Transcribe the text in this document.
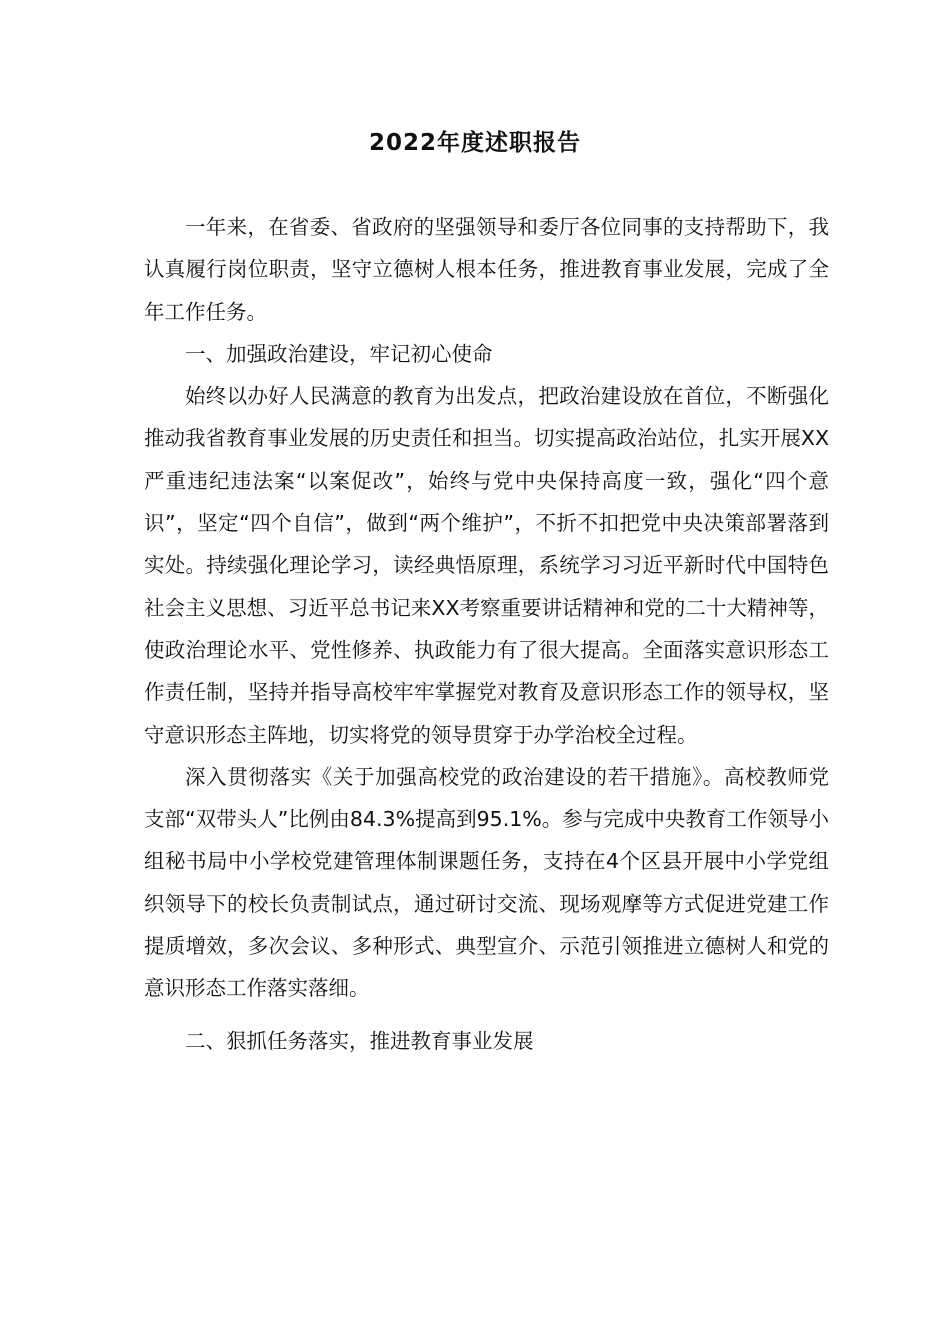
2022年度述职报告

一年来，在省委、省政府的坚强领导和委厅各位同事的支持帮助下，我认真履行岗位职责，坚守立德树人根本任务，推进教育事业发展，完成了全年工作任务。

一、加强政治建设，牢记初心使命

始终以办好人民满意的教育为出发点，把政治建设放在首位，不断强化推动我省教育事业发展的历史责任和担当。切实提高政治站位，扎实开展XX严重违纪违法案“以案促改”，始终与党中央保持高度一致，强化“四个意识”，坚定“四个自信”，做到“两个维护”，不折不扣把党中央决策部署落到实处。持续强化理论学习，读经典悟原理，系统学习习近平新时代中国特色社会主义思想、习近平总书记来XX考察重要讲话精神和党的二十大精神等，使政治理论水平、党性修养、执政能力有了很大提高。全面落实意识形态工作责任制，坚持并指导高校牢牢掌握党对教育及意识形态工作的领导权，坚守意识形态主阵地，切实将党的领导贯穿于办学治校全过程。

深入贯彻落实《关于加强高校党的政治建设的若干措施》。高校教师党支部“双带头人”比例由84.3%提高到95.1%。参与完成中央教育工作领导小组秘书局中小学校党建管理体制课题任务，支持在4个区县开展中小学党组织领导下的校长负责制试点，通过研讨交流、现场观摩等方式促进党建工作提质增效，多次会议、多种形式、典型宣介、示范引领推进立德树人和党的意识形态工作落实落细。

二、狠抓任务落实，推进教育事业发展
